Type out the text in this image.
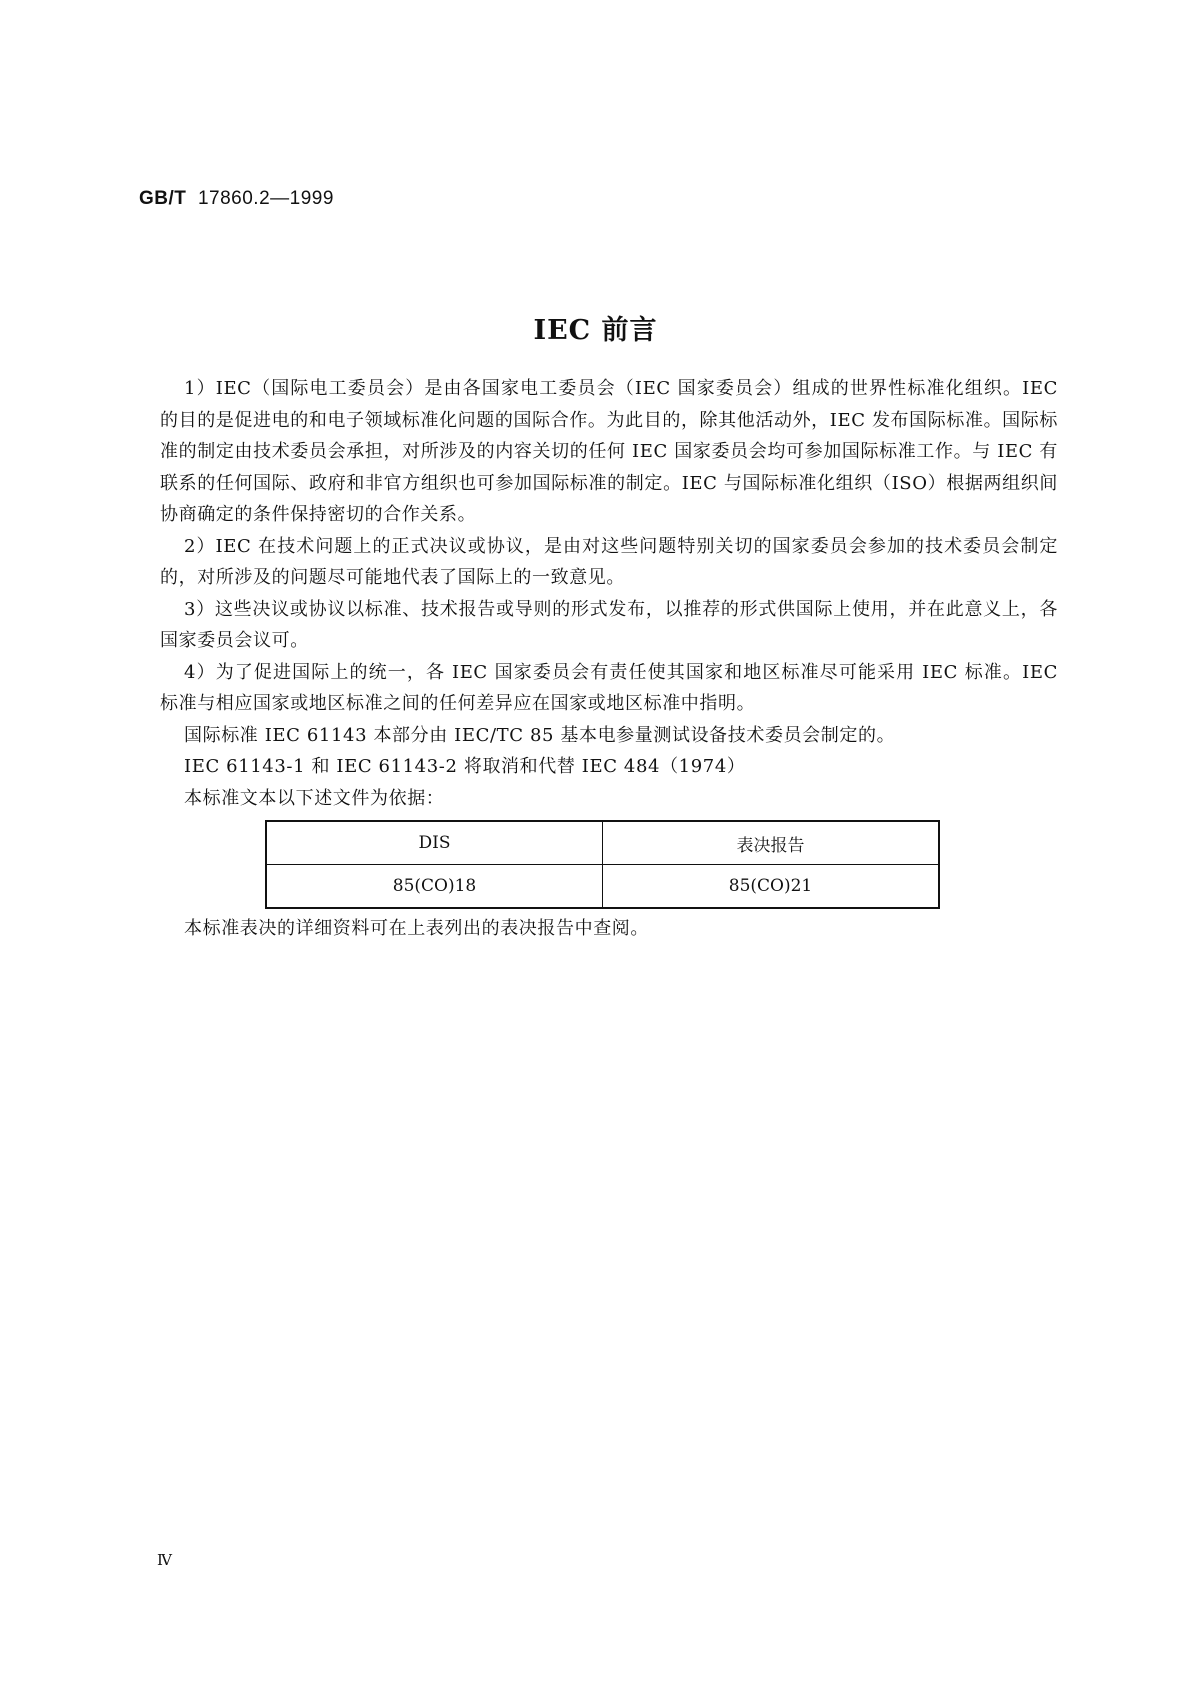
GB/T 17860.2—1999
IEC 前言

1）IEC（国际电工委员会）是由各国家电工委员会（IEC 国家委员会）组成的世界性标准化组织。IEC 的目的是促进电的和电子领域标准化问题的国际合作。为此目的，除其他活动外，IEC 发布国际标准。国际标准的制定由技术委员会承担，对所涉及的内容关切的任何 IEC 国家委员会均可参加国际标准工作。与 IEC 有联系的任何国际、政府和非官方组织也可参加国际标准的制定。IEC 与国际标准化组织（ISO）根据两组织间协商确定的条件保持密切的合作关系。

2）IEC 在技术问题上的正式决议或协议，是由对这些问题特别关切的国家委员会参加的技术委员会制定的，对所涉及的问题尽可能地代表了国际上的一致意见。

3）这些决议或协议以标准、技术报告或导则的形式发布，以推荐的形式供国际上使用，并在此意义上，各国家委员会议可。

4）为了促进国际上的统一，各 IEC 国家委员会有责任使其国家和地区标准尽可能采用 IEC 标准。IEC 标准与相应国家或地区标准之间的任何差异应在国家或地区标准中指明。

国际标准 IEC 61143 本部分由 IEC/TC 85 基本电参量测试设备技术委员会制定的。

IEC 61143-1 和 IEC 61143-2 将取消和代替 IEC 484（1974）

本标准文本以下述文件为依据：

DIS	表决报告
85(CO)18	85(CO)21
本标准表决的详细资料可在上表列出的表决报告中查阅。
Ⅳ
